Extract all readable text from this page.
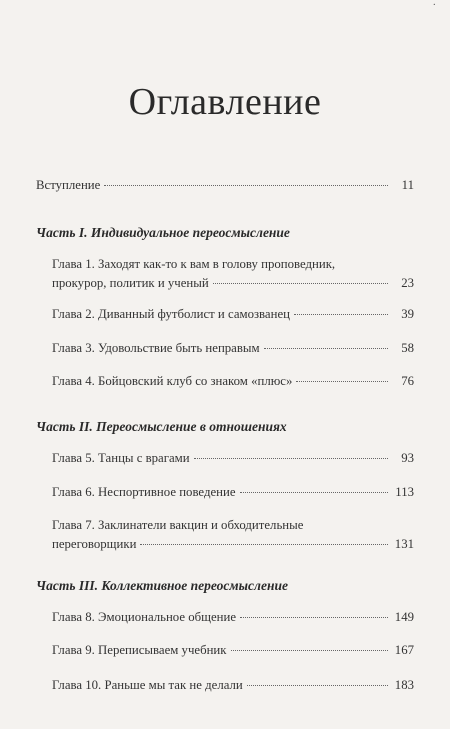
·
Оглавление
Вступление	11
Часть I. Индивидуальное переосмысление
Глава 1. Заходят как-то к вам в голову проповедник,
прокурор, политик и ученый	23
Глава 2. Диванный футболист и самозванец	39
Глава 3. Удовольствие быть неправым	58
Глава 4. Бойцовский клуб со знаком «плюс»	76
Часть II. Переосмысление в отношениях
Глава 5. Танцы с врагами	93
Глава 6. Неспортивное поведение	113
Глава 7. Заклинатели вакцин и обходительные
переговорщики	131
Часть III. Коллективное переосмысление
Глава 8. Эмоциональное общение	149
Глава 9. Переписываем учебник	167
Глава 10. Раньше мы так не делали	183
